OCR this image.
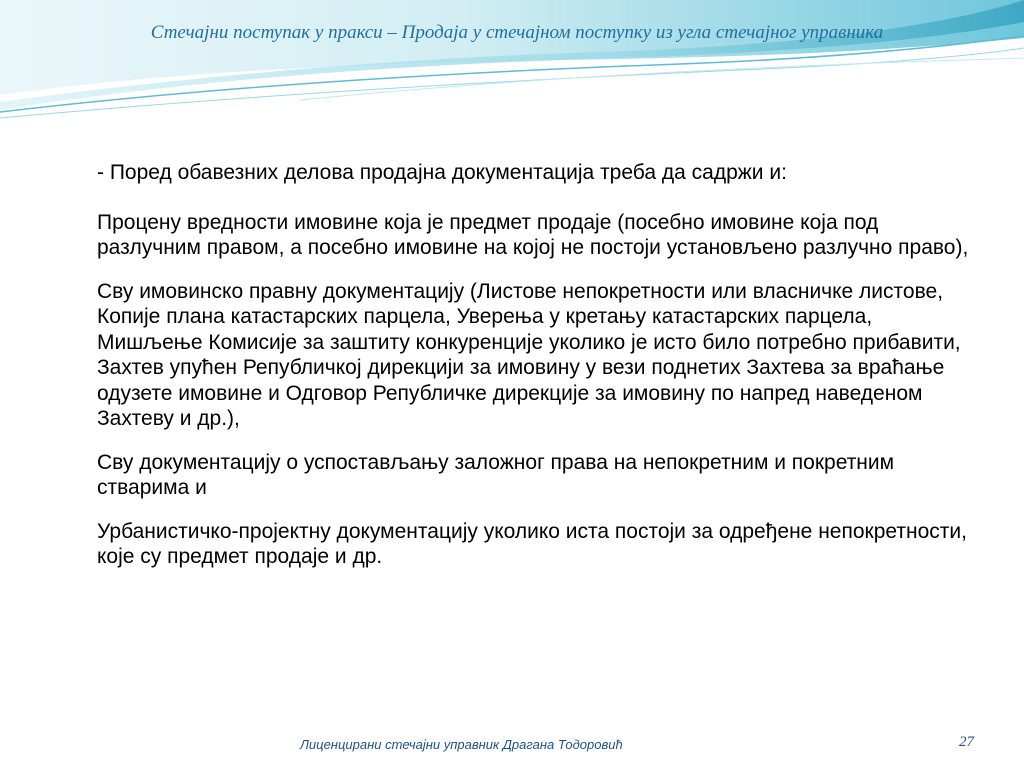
Стечајни поступак у пракси – Продаја у стечајном поступку из угла стечајног управника

- Поред обавезних делова продајна документација треба да садржи и:

Процену вредности имовине која је предмет продаје (посебно имовине која под разлучним правом, а посебно имовине на којој не постоји установљено разлучно право),

Сву имовинско правну документацију (Листове непокретности или власничке листове, Копије плана катастарских парцела, Уверења у кретању катастарских парцела, Мишљење Комисије за заштиту конкуренције уколико је исто било потребно прибавити, Захтев упућен Републичкој дирекцији за имовину у вези поднетих Захтева за враћање одузете имовине и Одговор Републичке дирекције за имовину по напред наведеном Захтеву и др.),

Сву документацију о успостављању заложног права на непокретним и покретним стварима и

Урбанистичко-пројектну документацију уколико иста постоји за одређене непокретности, које су предмет продаје и др.

Лиценцирани стечајни управник Драгана Тодоровић	27
